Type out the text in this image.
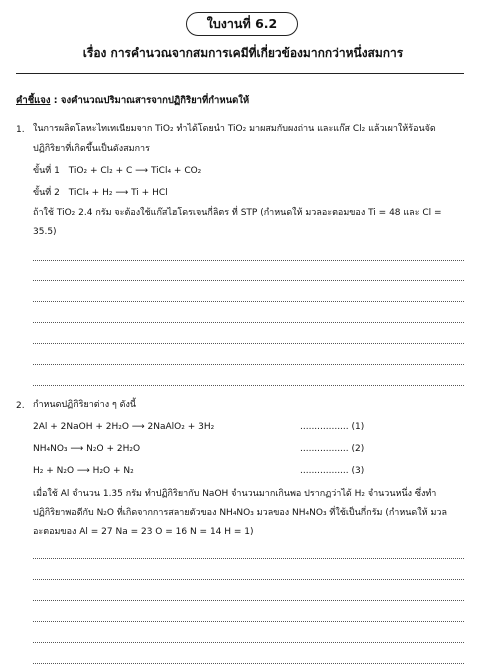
ใบงานที่ 6.2
เรื่อง การคำนวณจากสมการเคมีที่เกี่ยวข้องมากกว่าหนึ่งสมการ
คำชี้แจง : จงคำนวณปริมาณสารจากปฏิกิริยาที่กำหนดให้
1. ในการผลิตโลหะไทเทเนียมจาก TiO₂ ทำได้โดยนำ TiO₂ มาผสมกับผงถ่าน และแก๊ส Cl₂ แล้วเผาให้ร้อนจัด
ปฏิกิริยาที่เกิดขึ้นเป็นดังสมการ
ขั้นที่ 1 TiO₂ + Cl₂ + C ⟶ TiCl₄ + CO₂
ขั้นที่ 2 TiCl₄ + H₂ ⟶ Ti + HCl
ถ้าใช้ TiO₂ 2.4 กรัม จะต้องใช้แก๊สไฮโดรเจนกี่ลิตร ที่ STP (กำหนดให้ มวลอะตอมของ Ti = 48 และ Cl = 35.5)
2. กำหนดปฏิกิริยาต่าง ๆ ดังนี้
2Al + 2NaOH + 2H₂O ⟶ 2NaAlO₂ + 3H₂	................. (1)
NH₄NO₃ ⟶ N₂O + 2H₂O	................. (2)
H₂ + N₂O ⟶ H₂O + N₂	................. (3)
เมื่อใช้ Al จำนวน 1.35 กรัม ทำปฏิกิริยากับ NaOH จำนวนมากเกินพอ ปรากฏว่าได้ H₂ จำนวนหนึ่ง ซึ่งทำปฏิกิริยาพอดีกับ N₂O ที่เกิดจากการสลายตัวของ NH₄NO₃ มวลของ NH₄NO₃ ที่ใช้เป็นกี่กรัม (กำหนดให้ มวลอะตอมของ Al = 27 Na = 23 O = 16 N = 14 H = 1)
